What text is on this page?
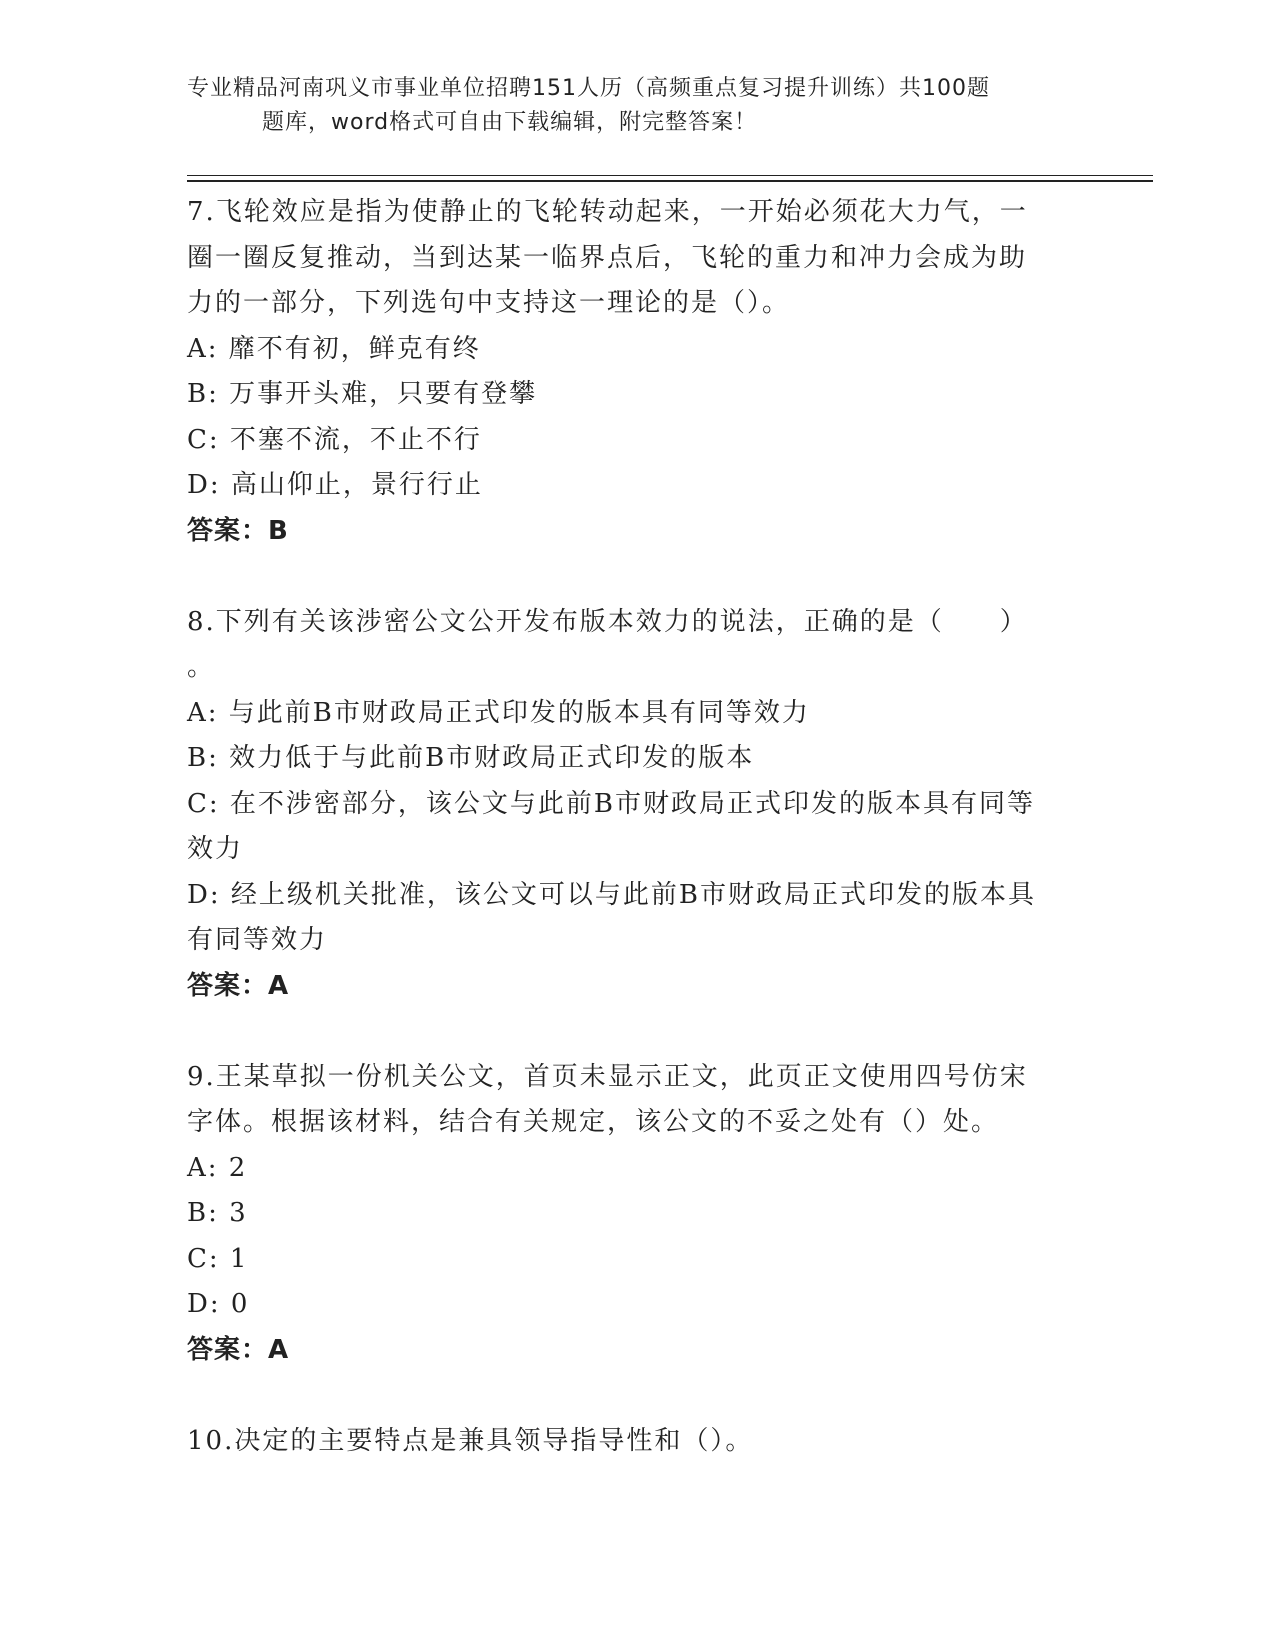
专业精品河南巩义市事业单位招聘151人历（高频重点复习提升训练）共100题
题库，word格式可自由下载编辑，附完整答案！

7.飞轮效应是指为使静止的飞轮转动起来，一开始必须花大力气，一

圈一圈反复推动，当到达某一临界点后，飞轮的重力和冲力会成为助

力的一部分，下列选句中支持这一理论的是（）。

A: 靡不有初，鲜克有终

B: 万事开头难，只要有登攀

C: 不塞不流，不止不行

D: 高山仰止，景行行止

答案：B

8.下列有关该涉密公文公开发布版本效力的说法，正确的是（　　）

。

A: 与此前B市财政局正式印发的版本具有同等效力

B: 效力低于与此前B市财政局正式印发的版本

C: 在不涉密部分，该公文与此前B市财政局正式印发的版本具有同等

效力

D: 经上级机关批准，该公文可以与此前B市财政局正式印发的版本具

有同等效力

答案：A

9.王某草拟一份机关公文，首页未显示正文，此页正文使用四号仿宋

字体。根据该材料，结合有关规定，该公文的不妥之处有（）处。

A: 2

B: 3

C: 1

D: 0

答案：A

10.决定的主要特点是兼具领导指导性和（）。
